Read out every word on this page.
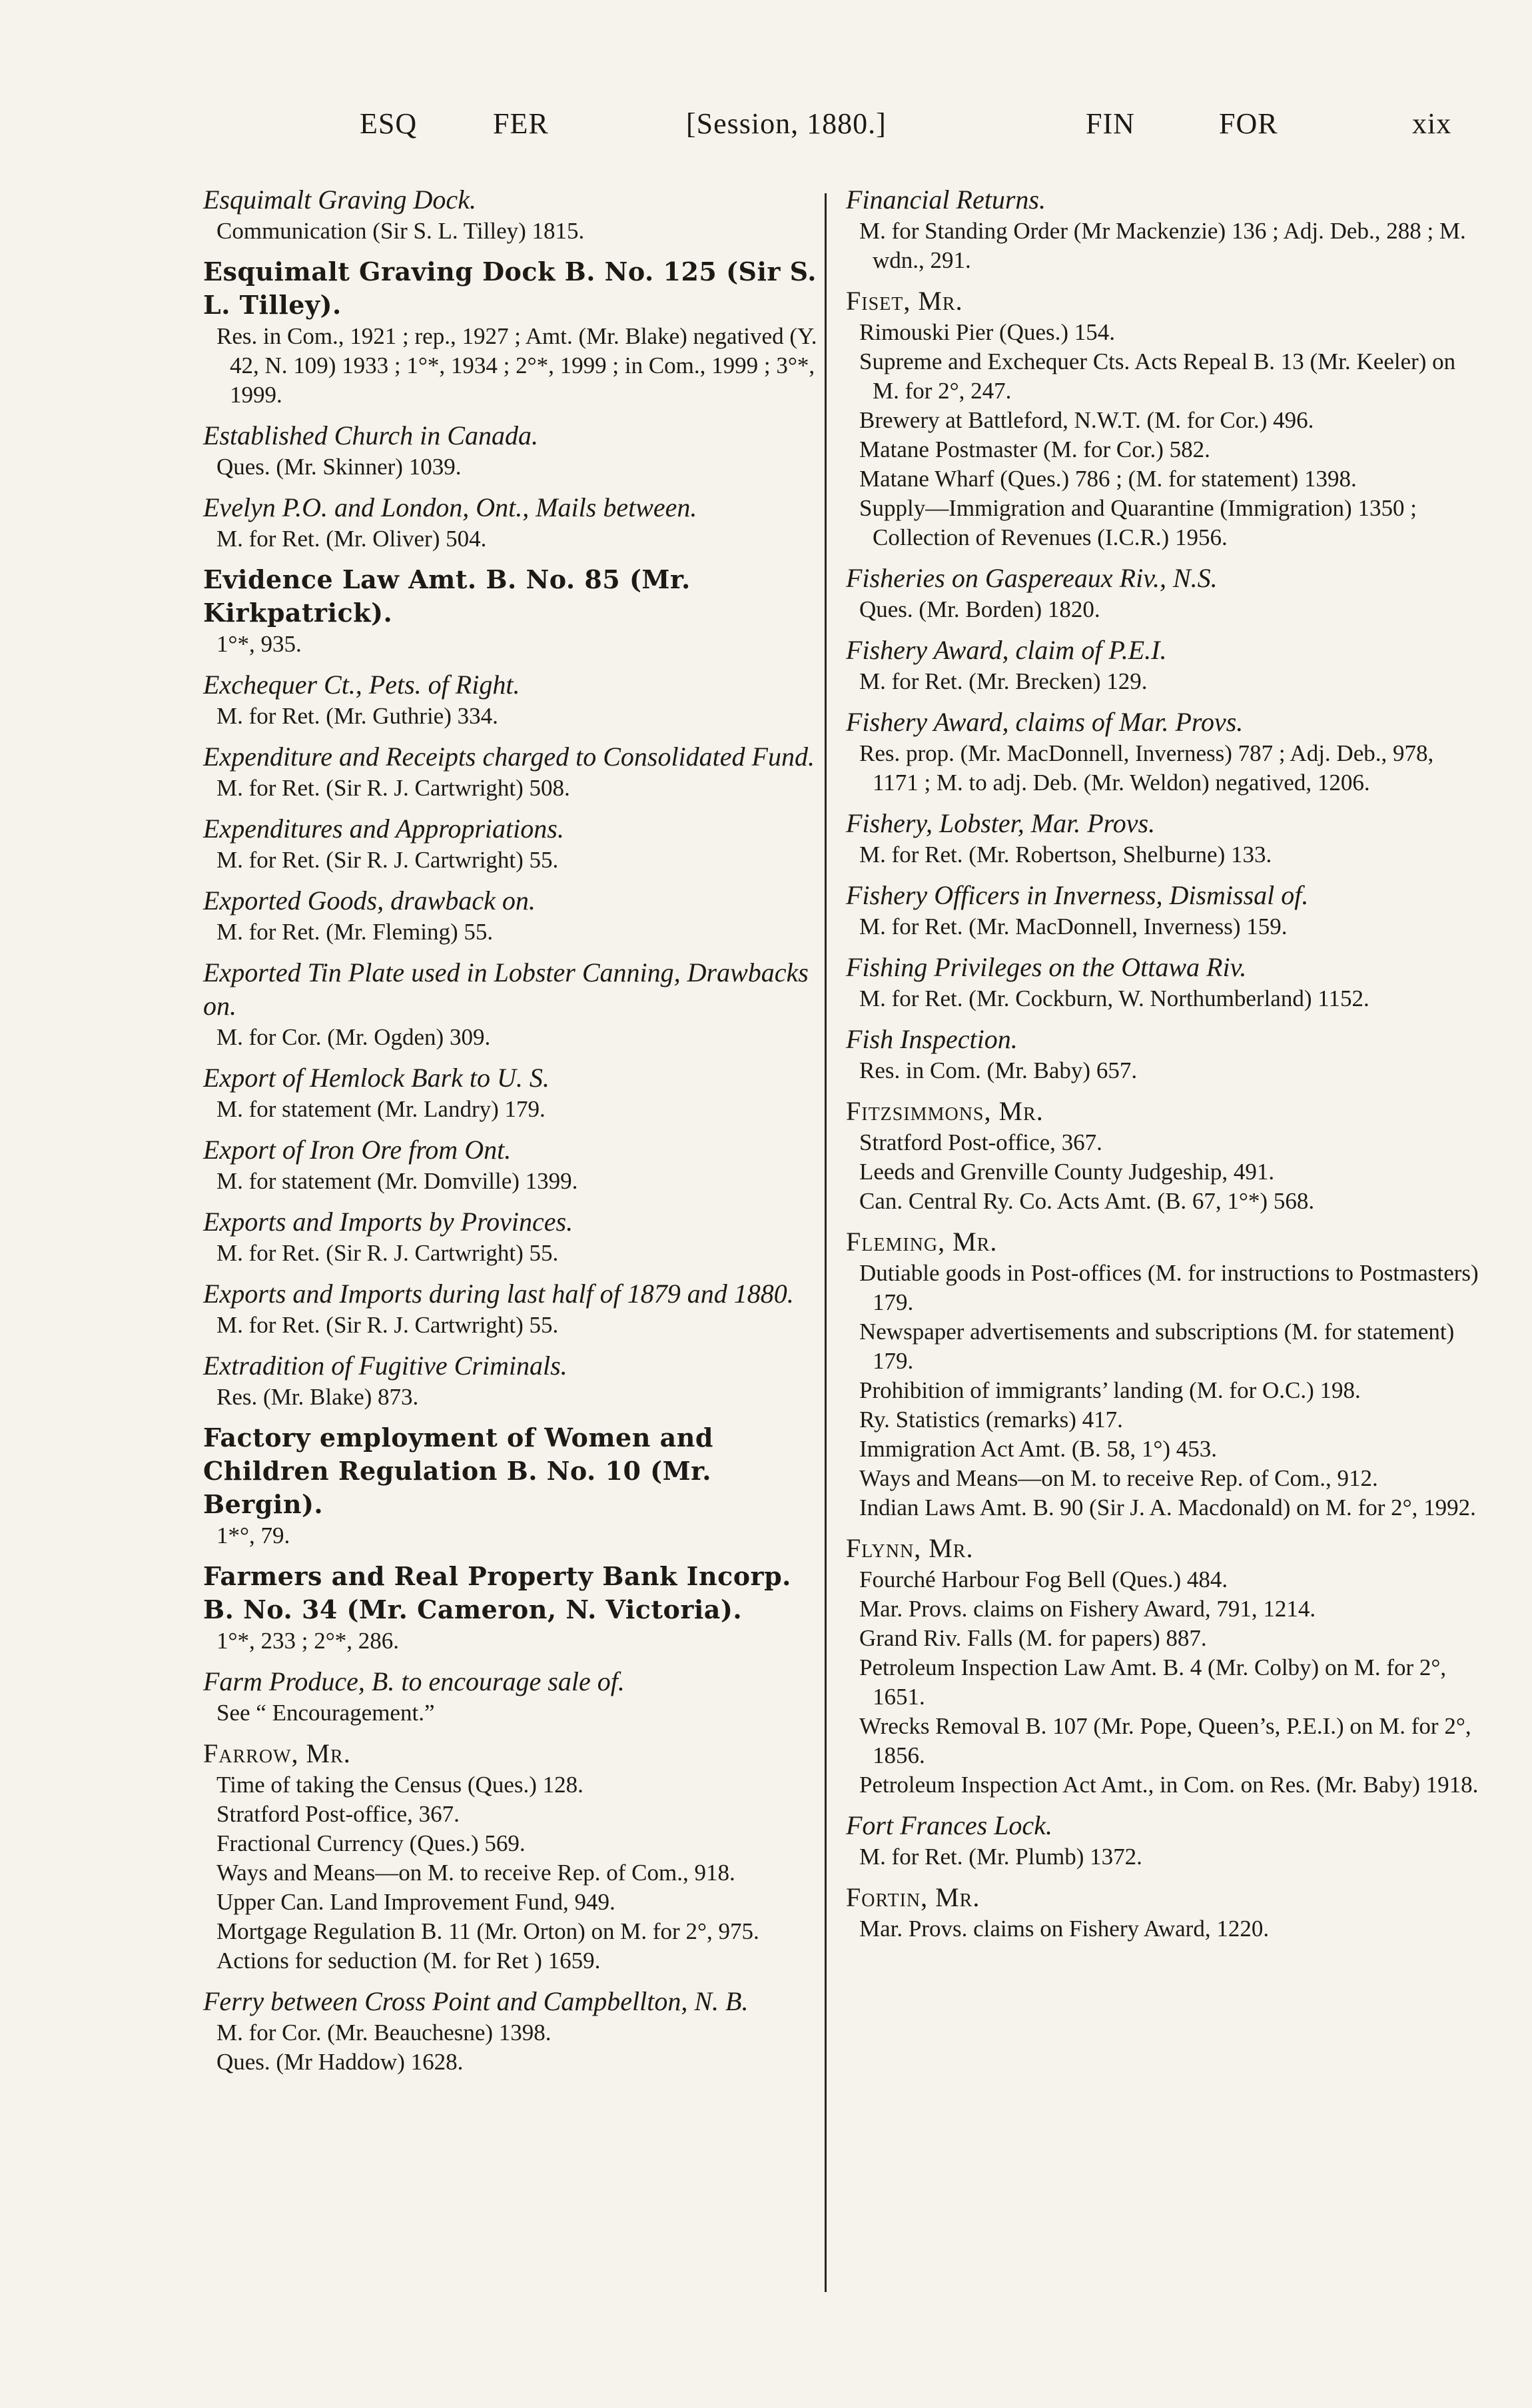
ESQ	FER	[Session, 1880.]	FIN	FOR	xix
Esquimalt Graving Dock.
Communication (Sir S. L. Tilley) 1815.
Esquimalt Graving Dock B. No. 125 (Sir S. L. Tilley).
Res. in Com., 1921 ; rep., 1927 ; Amt. (Mr. Blake) negatived (Y. 42, N. 109) 1933 ; 1°*, 1934 ; 2°*, 1999 ; in Com., 1999 ; 3°*, 1999.
Established Church in Canada.
Ques. (Mr. Skinner) 1039.
Evelyn P.O. and London, Ont., Mails between.
M. for Ret. (Mr. Oliver) 504.
Evidence Law Amt. B. No. 85 (Mr. Kirkpatrick).
1°*, 935.
Exchequer Ct., Pets. of Right.
M. for Ret. (Mr. Guthrie) 334.
Expenditure and Receipts charged to Consolidated Fund.
M. for Ret. (Sir R. J. Cartwright) 508.
Expenditures and Appropriations.
M. for Ret. (Sir R. J. Cartwright) 55.
Exported Goods, drawback on.
M. for Ret. (Mr. Fleming) 55.
Exported Tin Plate used in Lobster Canning, Drawbacks on.
M. for Cor. (Mr. Ogden) 309.
Export of Hemlock Bark to U. S.
M. for statement (Mr. Landry) 179.
Export of Iron Ore from Ont.
M. for statement (Mr. Domville) 1399.
Exports and Imports by Provinces.
M. for Ret. (Sir R. J. Cartwright) 55.
Exports and Imports during last half of 1879 and 1880.
M. for Ret. (Sir R. J. Cartwright) 55.
Extradition of Fugitive Criminals.
Res. (Mr. Blake) 873.
Factory employment of Women and Children Regulation B. No. 10 (Mr. Bergin).
1*°, 79.
Farmers and Real Property Bank Incorp. B. No. 34 (Mr. Cameron, N. Victoria).
1°*, 233 ; 2°*, 286.
Farm Produce, B. to encourage sale of.
See “ Encouragement.”
Farrow, Mr.
Time of taking the Census (Ques.) 128.
Stratford Post-office, 367.
Fractional Currency (Ques.) 569.
Ways and Means—on M. to receive Rep. of Com., 918.
Upper Can. Land Improvement Fund, 949.
Mortgage Regulation B. 11 (Mr. Orton) on M. for 2°, 975.
Actions for seduction (M. for Ret ) 1659.
Ferry between Cross Point and Campbellton, N. B.
M. for Cor. (Mr. Beauchesne) 1398.
Ques. (Mr Haddow) 1628.
Financial Returns.
M. for Standing Order (Mr Mackenzie) 136 ; Adj. Deb., 288 ; M. wdn., 291.
Fiset, Mr.
Rimouski Pier (Ques.) 154.
Supreme and Exchequer Cts. Acts Repeal B. 13 (Mr. Keeler) on M. for 2°, 247.
Brewery at Battleford, N.W.T. (M. for Cor.) 496.
Matane Postmaster (M. for Cor.) 582.
Matane Wharf (Ques.) 786 ; (M. for statement) 1398.
Supply—Immigration and Quarantine (Immigration) 1350 ; Collection of Revenues (I.C.R.) 1956.
Fisheries on Gaspereaux Riv., N.S.
Ques. (Mr. Borden) 1820.
Fishery Award, claim of P.E.I.
M. for Ret. (Mr. Brecken) 129.
Fishery Award, claims of Mar. Provs.
Res. prop. (Mr. MacDonnell, Inverness) 787 ; Adj. Deb., 978, 1171 ; M. to adj. Deb. (Mr. Weldon) negatived, 1206.
Fishery, Lobster, Mar. Provs.
M. for Ret. (Mr. Robertson, Shelburne) 133.
Fishery Officers in Inverness, Dismissal of.
M. for Ret. (Mr. MacDonnell, Inverness) 159.
Fishing Privileges on the Ottawa Riv.
M. for Ret. (Mr. Cockburn, W. Northumberland) 1152.
Fish Inspection.
Res. in Com. (Mr. Baby) 657.
Fitzsimmons, Mr.
Stratford Post-office, 367.
Leeds and Grenville County Judgeship, 491.
Can. Central Ry. Co. Acts Amt. (B. 67, 1°*) 568.
Fleming, Mr.
Dutiable goods in Post-offices (M. for instructions to Postmasters) 179.
Newspaper advertisements and subscriptions (M. for statement) 179.
Prohibition of immigrants’ landing (M. for O.C.) 198.
Ry. Statistics (remarks) 417.
Immigration Act Amt. (B. 58, 1°) 453.
Ways and Means—on M. to receive Rep. of Com., 912.
Indian Laws Amt. B. 90 (Sir J. A. Macdonald) on M. for 2°, 1992.
Flynn, Mr.
Fourché Harbour Fog Bell (Ques.) 484.
Mar. Provs. claims on Fishery Award, 791, 1214.
Grand Riv. Falls (M. for papers) 887.
Petroleum Inspection Law Amt. B. 4 (Mr. Colby) on M. for 2°, 1651.
Wrecks Removal B. 107 (Mr. Pope, Queen’s, P.E.I.) on M. for 2°, 1856.
Petroleum Inspection Act Amt., in Com. on Res. (Mr. Baby) 1918.
Fort Frances Lock.
M. for Ret. (Mr. Plumb) 1372.
Fortin, Mr.
Mar. Provs. claims on Fishery Award, 1220.
